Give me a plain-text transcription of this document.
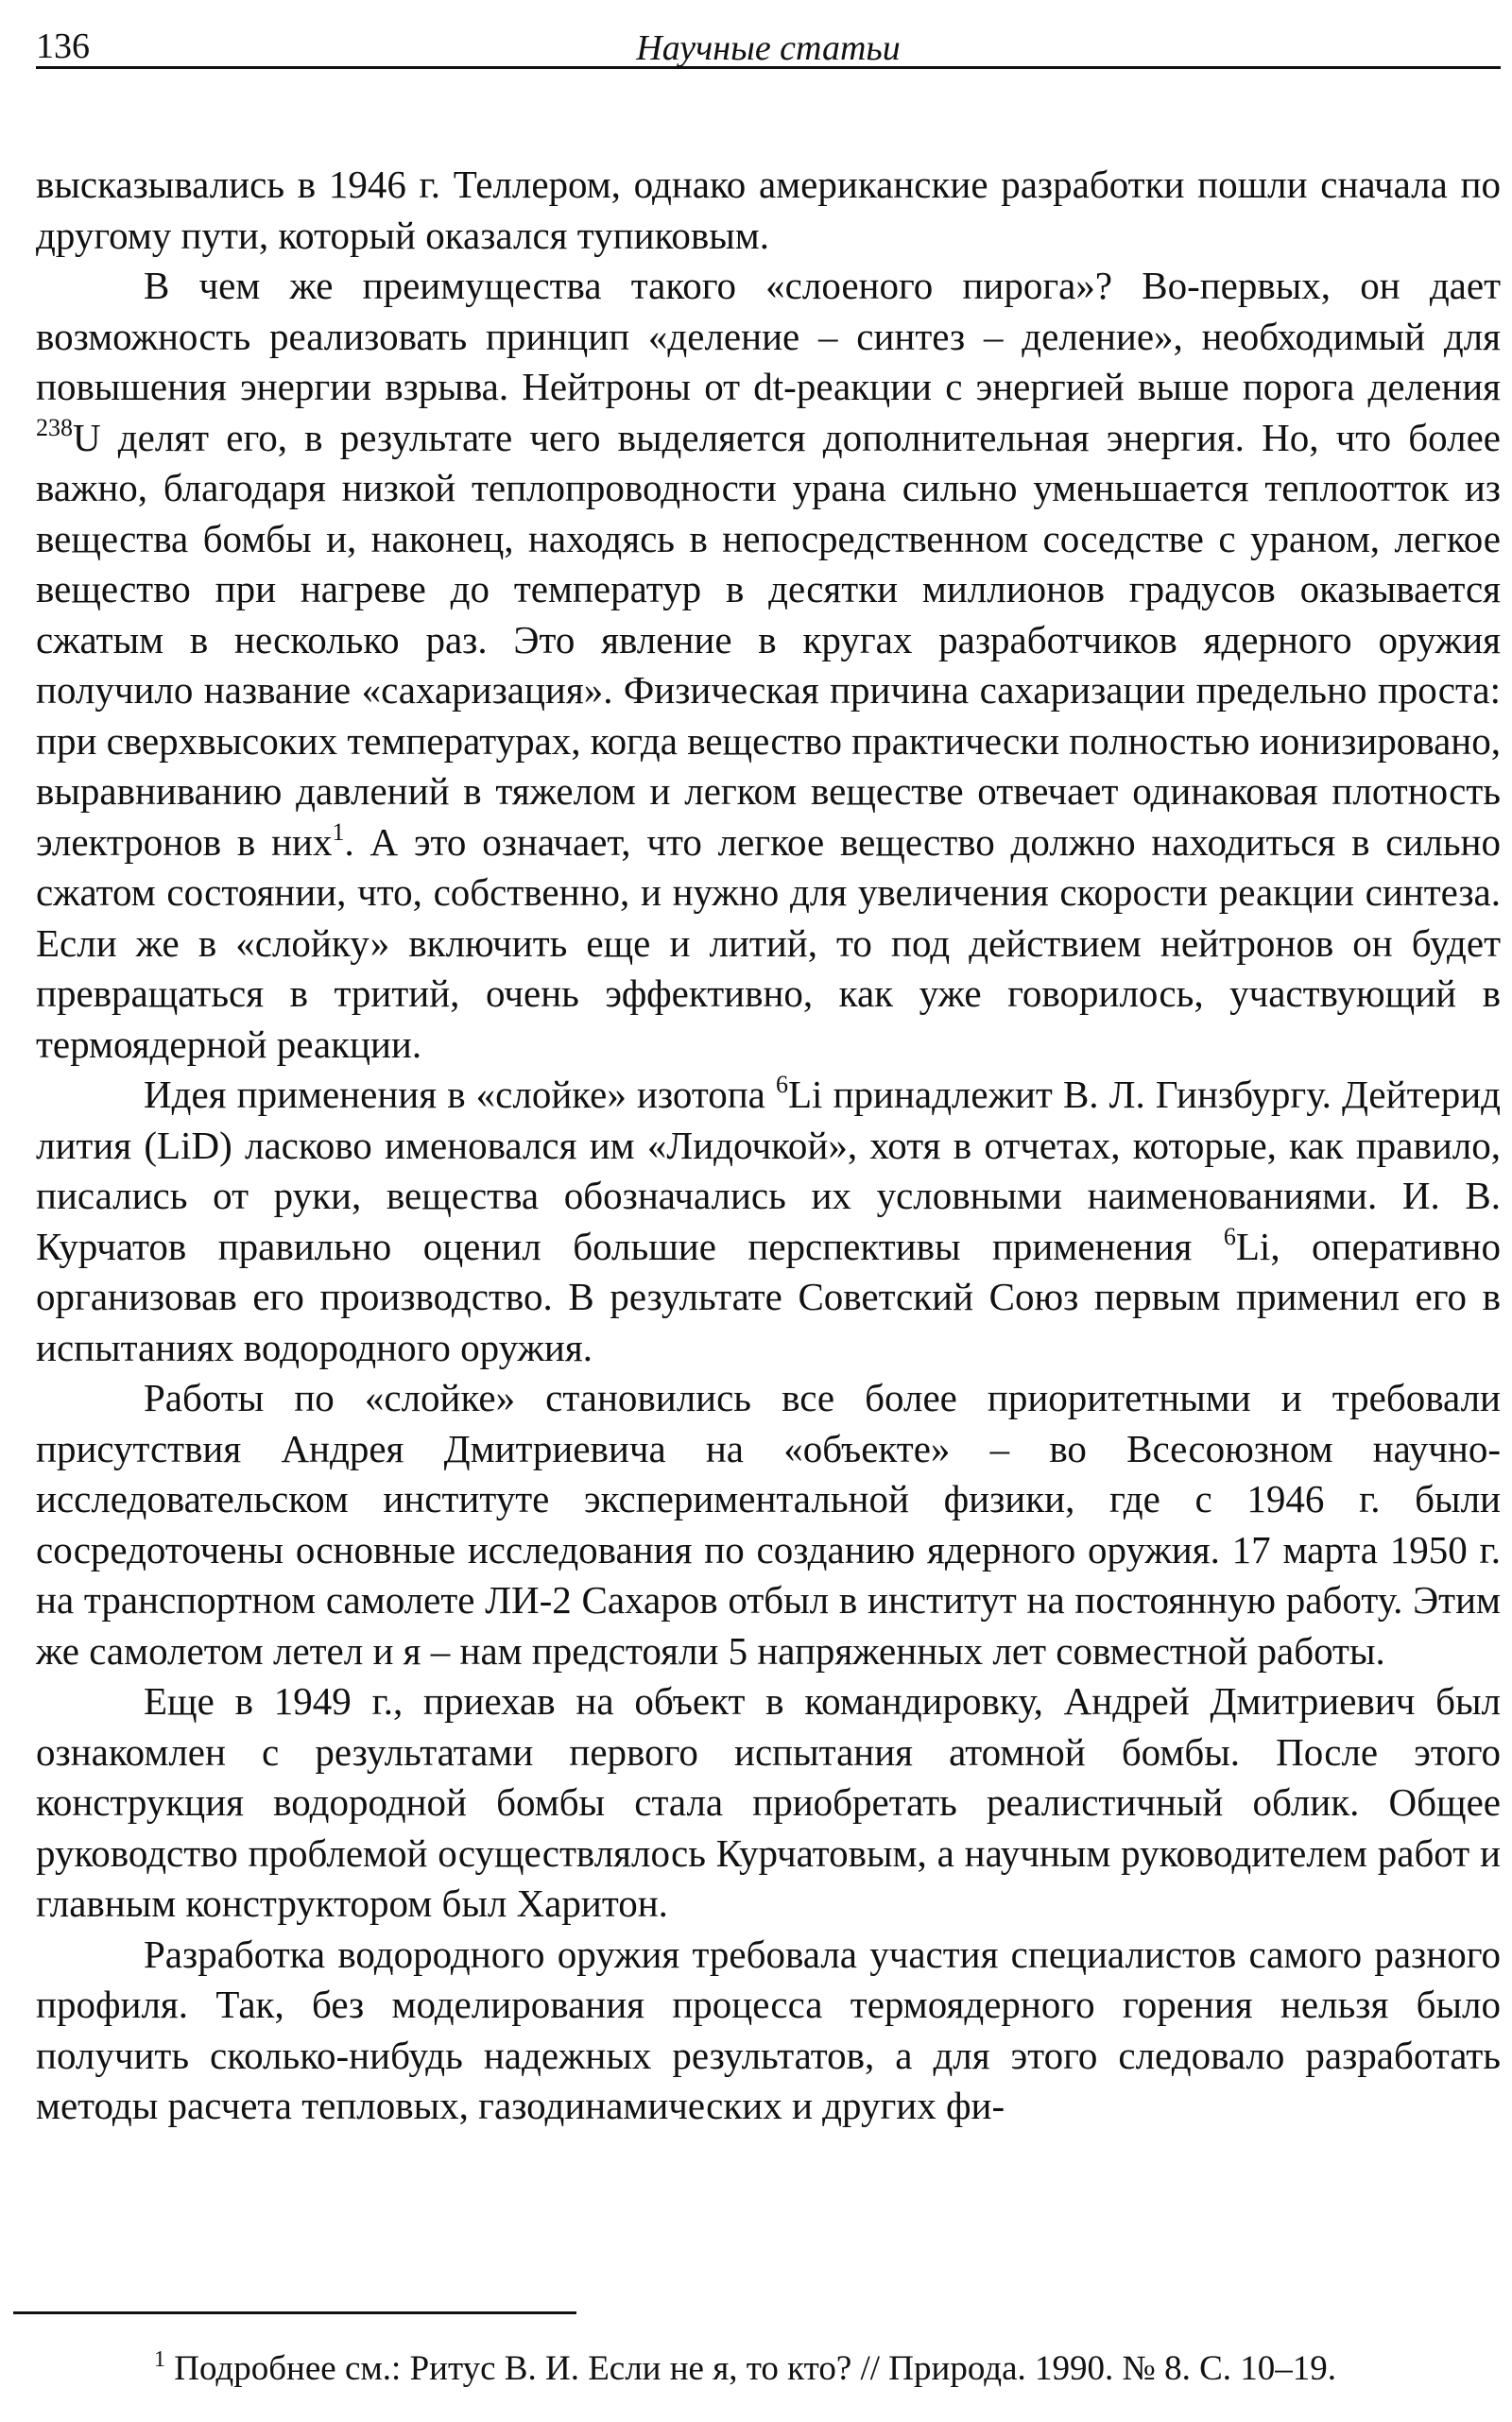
136	Научные статьи

высказывались в 1946 г. Теллером, однако американские разработки пошли сначала по другому пути, который оказался тупиковым.

В чем же преимущества такого «слоеного пирога»? Во-первых, он дает возможность реализовать принцип «деление – синтез – деление», необходимый для повышения энергии взрыва. Нейтроны от dt-реакции с энергией выше порога деления $^{238}$U делят его, в результате чего выделяется дополнительная энергия. Но, что более важно, благодаря низкой теплопроводности урана сильно уменьшается теплоотток из вещества бомбы и, наконец, находясь в непосредственном соседстве с ураном, легкое вещество при нагреве до температур в десятки миллионов градусов оказывается сжатым в несколько раз. Это явление в кругах разработчиков ядерного оружия получило название «сахаризация». Физическая причина сахаризации предельно проста: при сверхвысоких температурах, когда вещество практически полностью ионизировано, выравниванию давлений в тяжелом и легком веществе отвечает одинаковая плотность электронов в них$^1$. А это означает, что легкое вещество должно находиться в сильно сжатом состоянии, что, собственно, и нужно для увеличения скорости реакции синтеза. Если же в «слойку» включить еще и литий, то под действием нейтронов он будет превращаться в тритий, очень эффективно, как уже говорилось, участвующий в термоядерной реакции.

Идея применения в «слойке» изотопа $^6$Li принадлежит В. Л. Гинзбургу. Дейтерид лития (LiD) ласково именовался им «Лидочкой», хотя в отчетах, которые, как правило, писались от руки, вещества обозначались их условными наименованиями. И. В. Курчатов правильно оценил большие перспективы применения $^6$Li, оперативно организовав его производство. В результате Советский Союз первым применил его в испытаниях водородного оружия.

Работы по «слойке» становились все более приоритетными и требовали присутствия Андрея Дмитриевича на «объекте» – во Всесоюзном научно-исследовательском институте экспериментальной физики, где с 1946 г. были сосредоточены основные исследования по созданию ядерного оружия. 17 марта 1950 г. на транспортном самолете ЛИ-2 Сахаров отбыл в институт на постоянную работу. Этим же самолетом летел и я – нам предстояли 5 напряженных лет совместной работы.

Еще в 1949 г., приехав на объект в командировку, Андрей Дмитриевич был ознакомлен с результатами первого испытания атомной бомбы. После этого конструкция водородной бомбы стала приобретать реалистичный облик. Общее руководство проблемой осуществлялось Курчатовым, а научным руководителем работ и главным конструктором был Харитон.

Разработка водородного оружия требовала участия специалистов самого разного профиля. Так, без моделирования процесса термоядерного горения нельзя было получить сколько-нибудь надежных результатов, а для этого следовало разработать методы расчета тепловых, газодинамических и других фи-

$^1$ Подробнее см.: Ритус В. И. Если не я, то кто? // Природа. 1990. № 8. С. 10–19.
